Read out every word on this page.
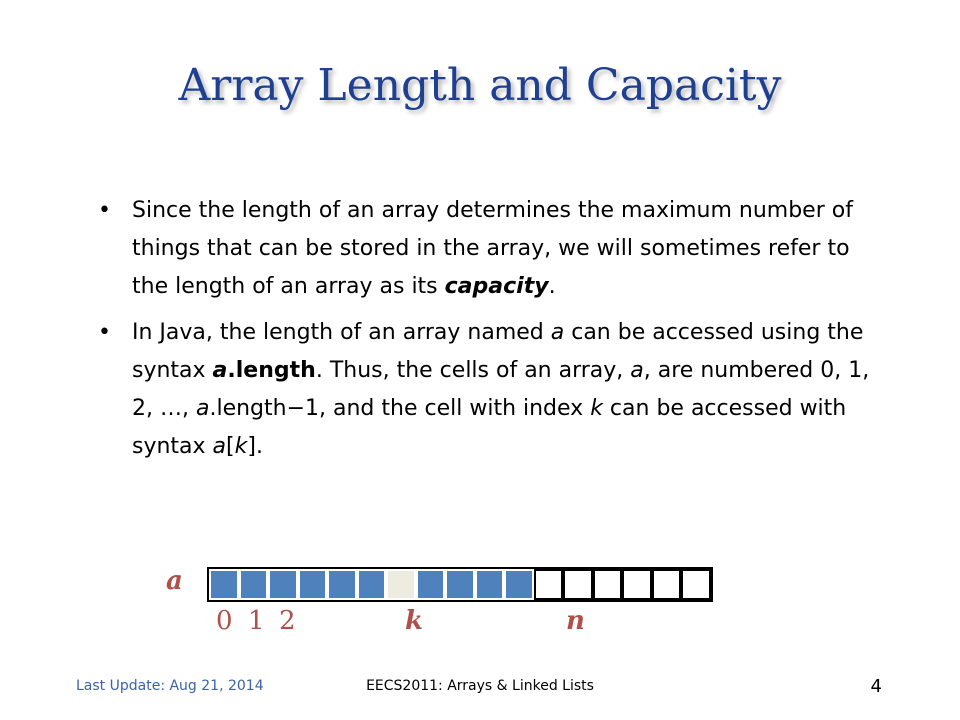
Array Length and Capacity
• Since the length of an array determines the maximum number of things that can be stored in the array, we will sometimes refer to the length of an array as its capacity.
• In Java, the length of an array named a can be accessed using the syntax a.length. Thus, the cells of an array, a, are numbered 0, 1, 2, …, a.length−1, and the cell with index k can be accessed with syntax a[k].
a
0 1 2	k	n
Last Update: Aug 21, 2014	EECS2011: Arrays & Linked Lists	4
